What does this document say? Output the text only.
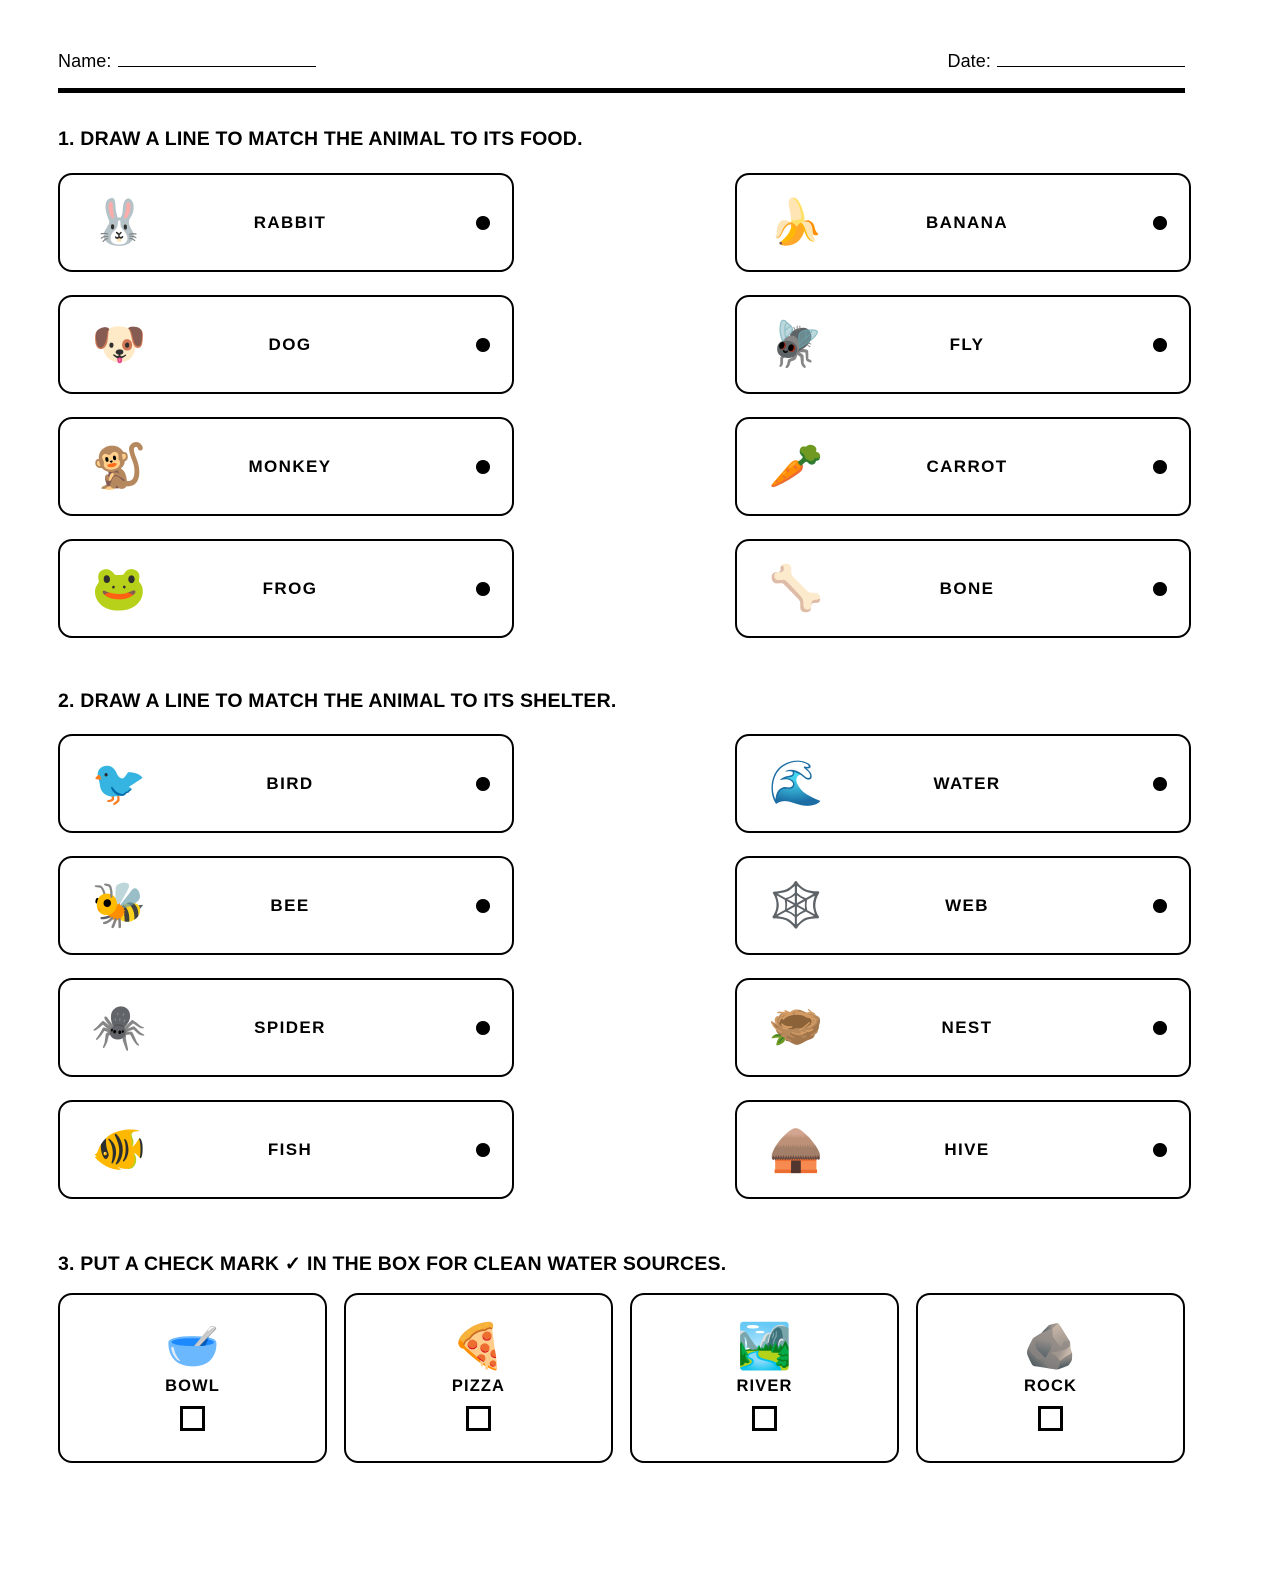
Name:	Date:
1. DRAW A LINE TO MATCH THE ANIMAL TO ITS FOOD.
🐰	RABBIT
🐶	DOG
🐒	MONKEY
🐸	FROG
🍌	BANANA
🪰	FLY
🥕	CARROT
🦴	BONE
2. DRAW A LINE TO MATCH THE ANIMAL TO ITS SHELTER.
🐦	BIRD
🐝	BEE
🕷️	SPIDER
🐠	FISH
🌊	WATER
🕸️	WEB
🪹	NEST
🛖	HIVE
3. PUT A CHECK MARK ✓ IN THE BOX FOR CLEAN WATER SOURCES.
🥣
BOWL
🍕
PIZZA
🏞️
RIVER
🪨
ROCK
